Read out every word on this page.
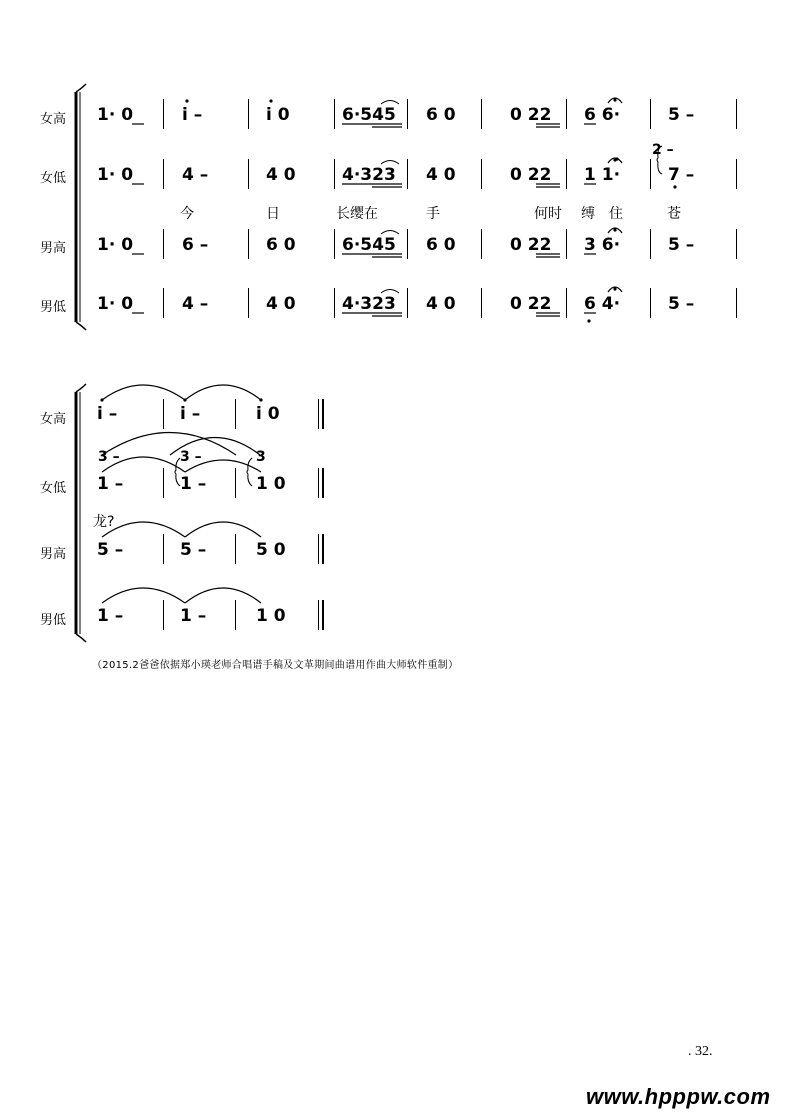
女高
女低
男高
男低
1· 0	i –	i 0	6·545 6 0	0 22 6 6·	5 –
2 –
1· 0	4 –	4 0	4·323 4 0	0 22 1 1·	7 –
今	日	长缨在	手	何时 缚 住	苍
1· 0	6 –	6 0	6·545 6 0	0 22 3 6·	5 –
1· 0	4 –	4 0	4·323 4 0	0 22 6 4·	5 –
女高
女低
男高
男低
i –	i –	i 0
3 –	3 –	3
1 –	1 –	1 0
龙?
5 –	5 –	5 0
1 –	1 –	1 0
（2015.2爸爸依据郑小瑛老师合唱谱手稿及文革期间曲谱用作曲大师软件重制）
. 32.
www.hpppw.com
